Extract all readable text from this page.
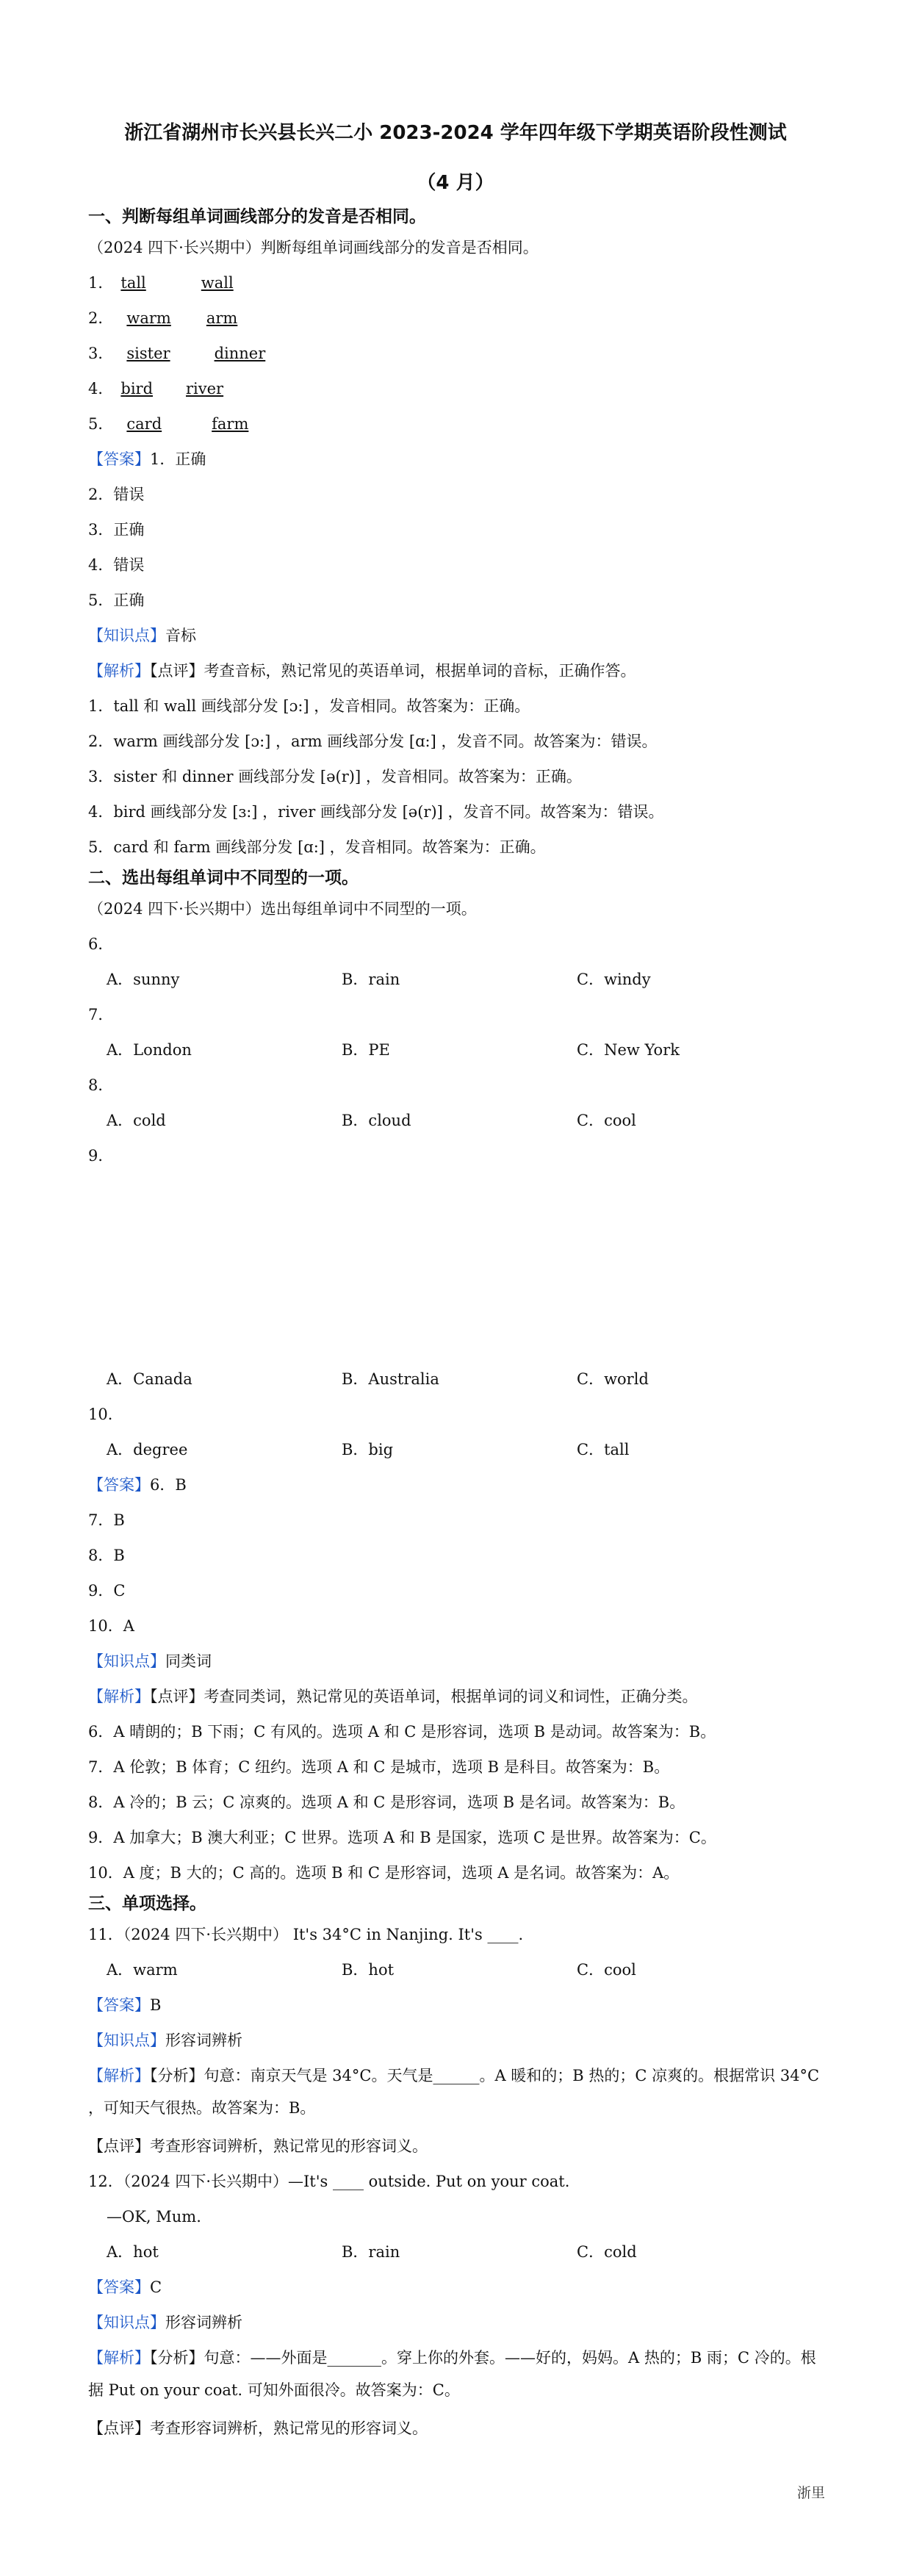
浙江省湖州市长兴县长兴二小 2023-2024 学年四年级下学期英语阶段性测试
（4 月）
一、判断每组单词画线部分的发音是否相同。
（2024 四下·长兴期中）判断每组单词画线部分的发音是否相同。
1． tall	wall
2． warm arm
3． sister	dinner
4． bird river
5． card	farm
【答案】1．正确
2．错误
3．正确
4．错误
5．正确
【知识点】音标
【解析】【点评】考查音标，熟记常见的英语单词，根据单词的音标，正确作答。
1．tall 和 wall 画线部分发 [ɔ:] ，发音相同。故答案为：正确。
2．warm 画线部分发 [ɔ:] ，arm 画线部分发 [ɑ:] ，发音不同。故答案为：错误。
3．sister 和 dinner 画线部分发 [ə(r)] ，发音相同。故答案为：正确。
4．bird 画线部分发 [ɜ:] ，river 画线部分发 [ə(r)] ，发音不同。故答案为：错误。
5．card 和 farm 画线部分发 [ɑ:] ，发音相同。故答案为：正确。
二、选出每组单词中不同型的一项。
（2024 四下·长兴期中）选出每组单词中不同型的一项。
6．
A．sunny	B．rain	C．windy
7．
A．London	B．PE	C．New York
8．
A．cold	B．cloud	C．cool
9．
A．Canada	B．Australia	C．world
10．
A．degree	B．big	C．tall
【答案】6．B
7．B
8．B
9．C
10．A
【知识点】同类词
【解析】【点评】考查同类词，熟记常见的英语单词，根据单词的词义和词性，正确分类。
6．A 晴朗的；B 下雨；C 有风的。选项 A 和 C 是形容词，选项 B 是动词。故答案为：B。
7．A 伦敦；B 体育；C 纽约。选项 A 和 C 是城市，选项 B 是科目。故答案为：B。
8．A 冷的；B 云；C 凉爽的。选项 A 和 C 是形容词，选项 B 是名词。故答案为：B。
9．A 加拿大；B 澳大利亚；C 世界。选项 A 和 B 是国家，选项 C 是世界。故答案为：C。
10．A 度；B 大的；C 高的。选项 B 和 C 是形容词，选项 A 是名词。故答案为：A。
三、单项选择。
11．（2024 四下·长兴期中） It's 34°C in Nanjing. It's ____.
A．warm	B．hot	C．cool
【答案】B
【知识点】形容词辨析
【解析】【分析】句意：南京天气是 34°C。天气是______。A 暖和的；B 热的；C 凉爽的。根据常识 34°C ，可知天气很热。故答案为：B。
【点评】考查形容词辨析，熟记常见的形容词义。
12．（2024 四下·长兴期中）—It's ____ outside. Put on your coat.
—OK, Mum.
A．hot	B．rain	C．cold
【答案】C
【知识点】形容词辨析
【解析】【分析】句意：——外面是_______。穿上你的外套。——好的，妈妈。A 热的；B 雨；C 冷的。根据 Put on your coat. 可知外面很冷。故答案为：C。
【点评】考查形容词辨析，熟记常见的形容词义。
浙里
